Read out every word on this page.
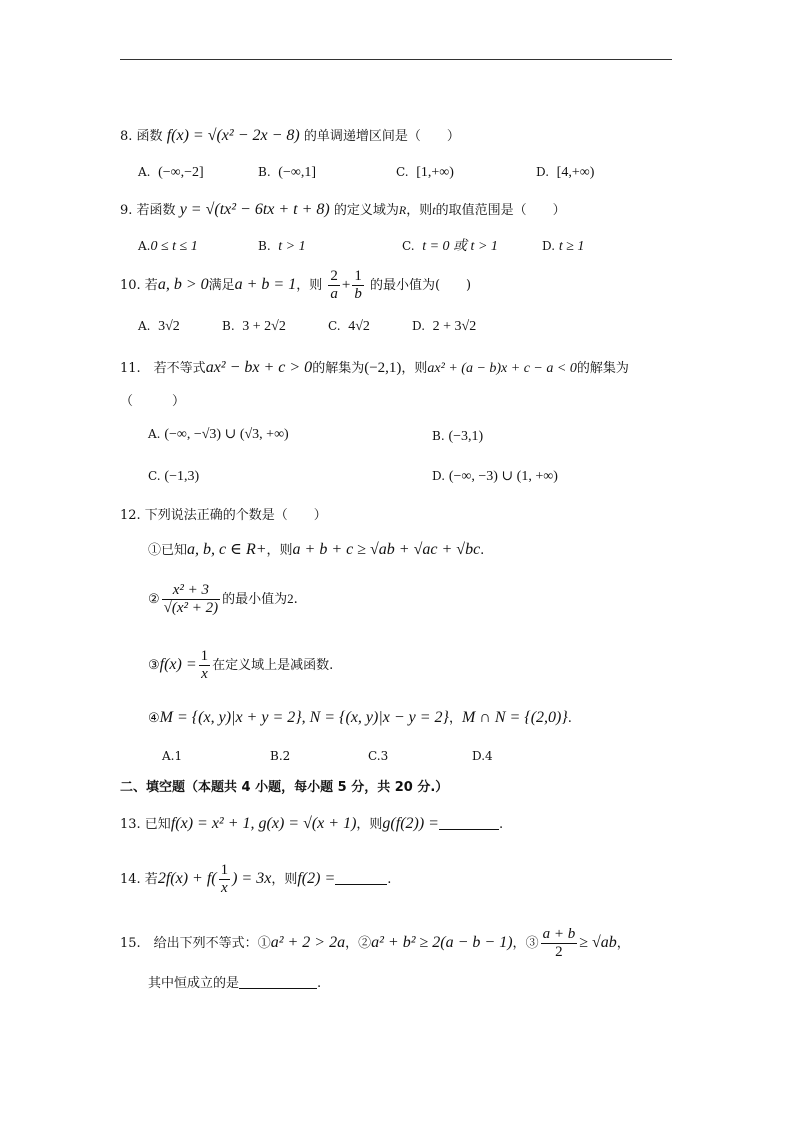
8. 函数 f(x) = √(x² − 2x − 8) 的单调递增区间是（　　）
A. (−∞,−2]	B. (−∞,1]	C. [1,+∞)	D. [4,+∞)
9. 若函数 y = √(tx² − 6tx + t + 8) 的定义域为R，则t的取值范围是（　　）
A.0 ≤ t ≤ 1	B. t > 1	C. t = 0 或 t > 1	D. t ≥ 1
10. 若a, b > 0满足a + b = 1，则 $\frac{2}{a} + \frac{1}{b}$ 的最小值为(　　)
A. 3√2	B. 3 + 2√2	C. 4√2	D. 2 + 3√2
11.　若不等式ax² − bx + c > 0的解集为(−2,1)，则ax² + (a − b)x + c − a < 0的解集为
（　　　）
A. (−∞, −√3) ∪ (√3, +∞)	B. (−3,1)
C. (−1,3)	D. (−∞, −3) ∪ (1, +∞)
12. 下列说法正确的个数是（　　）
①已知a, b, c ∈ R+，则a + b + c ≥ √ab + √ac + √bc.
② $\frac{\text{x² + 3}}{\text{√(x² + 2)}}$ 的最小值为2.
③f(x) = $\frac{1}{x}$ 在定义域上是减函数.
④M = {(x, y)|x + y = 2}, N = {(x, y)|x − y = 2}，M ∩ N = {(2,0)}.
A.1	B.2	C.3	D.4
二、填空题（本题共 4 小题，每小题 5 分，共 20 分.）
13. 已知f(x) = x² + 1, g(x) = √(x + 1)，则g(f(2)) =	.
14. 若$2f(x) + f( \frac{1}{x}$ ) = 3x，则f(2) =	.
15.　给出下列不等式：①a² + 2 > 2a，②a² + b² ≥ 2(a − b − 1)，③ $\frac{a + b}{2} \ge √ab$，
其中恒成立的是	.
